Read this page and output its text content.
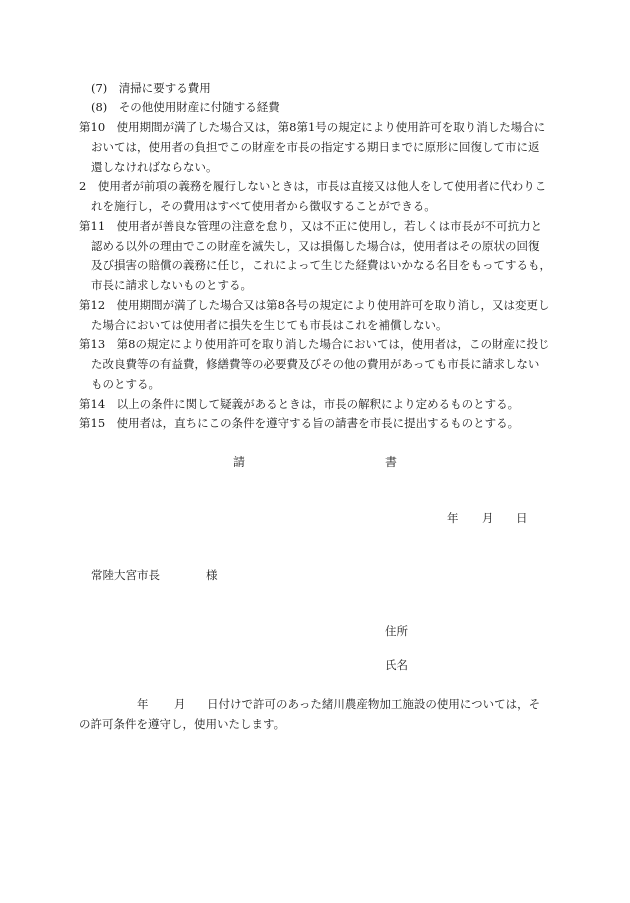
(7)　清掃に要する費用
(8)　その他使用財産に付随する経費
第10　使用期間が満了した場合又は，第8第1号の規定により使用許可を取り消した場合に
おいては，使用者の負担でこの財産を市長の指定する期日までに原形に回復して市に返
還しなければならない。
2　使用者が前項の義務を履行しないときは，市長は直接又は他人をして使用者に代わりこ
れを施行し，その費用はすべて使用者から徴収することができる。
第11　使用者が善良な管理の注意を怠り，又は不正に使用し，若しくは市長が不可抗力と
認める以外の理由でこの財産を滅失し，又は損傷した場合は，使用者はその原状の回復
及び損害の賠償の義務に任じ，これによって生じた経費はいかなる名目をもってするも，
市長に請求しないものとする。
第12　使用期間が満了した場合又は第8各号の規定により使用許可を取り消し，又は変更し
た場合においては使用者に損失を生じても市長はこれを補償しない。
第13　第8の規定により使用許可を取り消した場合においては，使用者は，この財産に投じ
た改良費等の有益費，修繕費等の必要費及びその他の費用があっても市長に請求しない
ものとする。
第14　以上の条件に関して疑義があるときは，市長の解釈により定めるものとする。
第15　使用者は，直ちにこの条件を遵守する旨の請書を市長に提出するものとする。
請	書
年 月 日
常陸大宮市長	様
住所
氏名
年 月 日付けで許可のあった緒川農産物加工施設の使用については，そ
の許可条件を遵守し，使用いたします。
